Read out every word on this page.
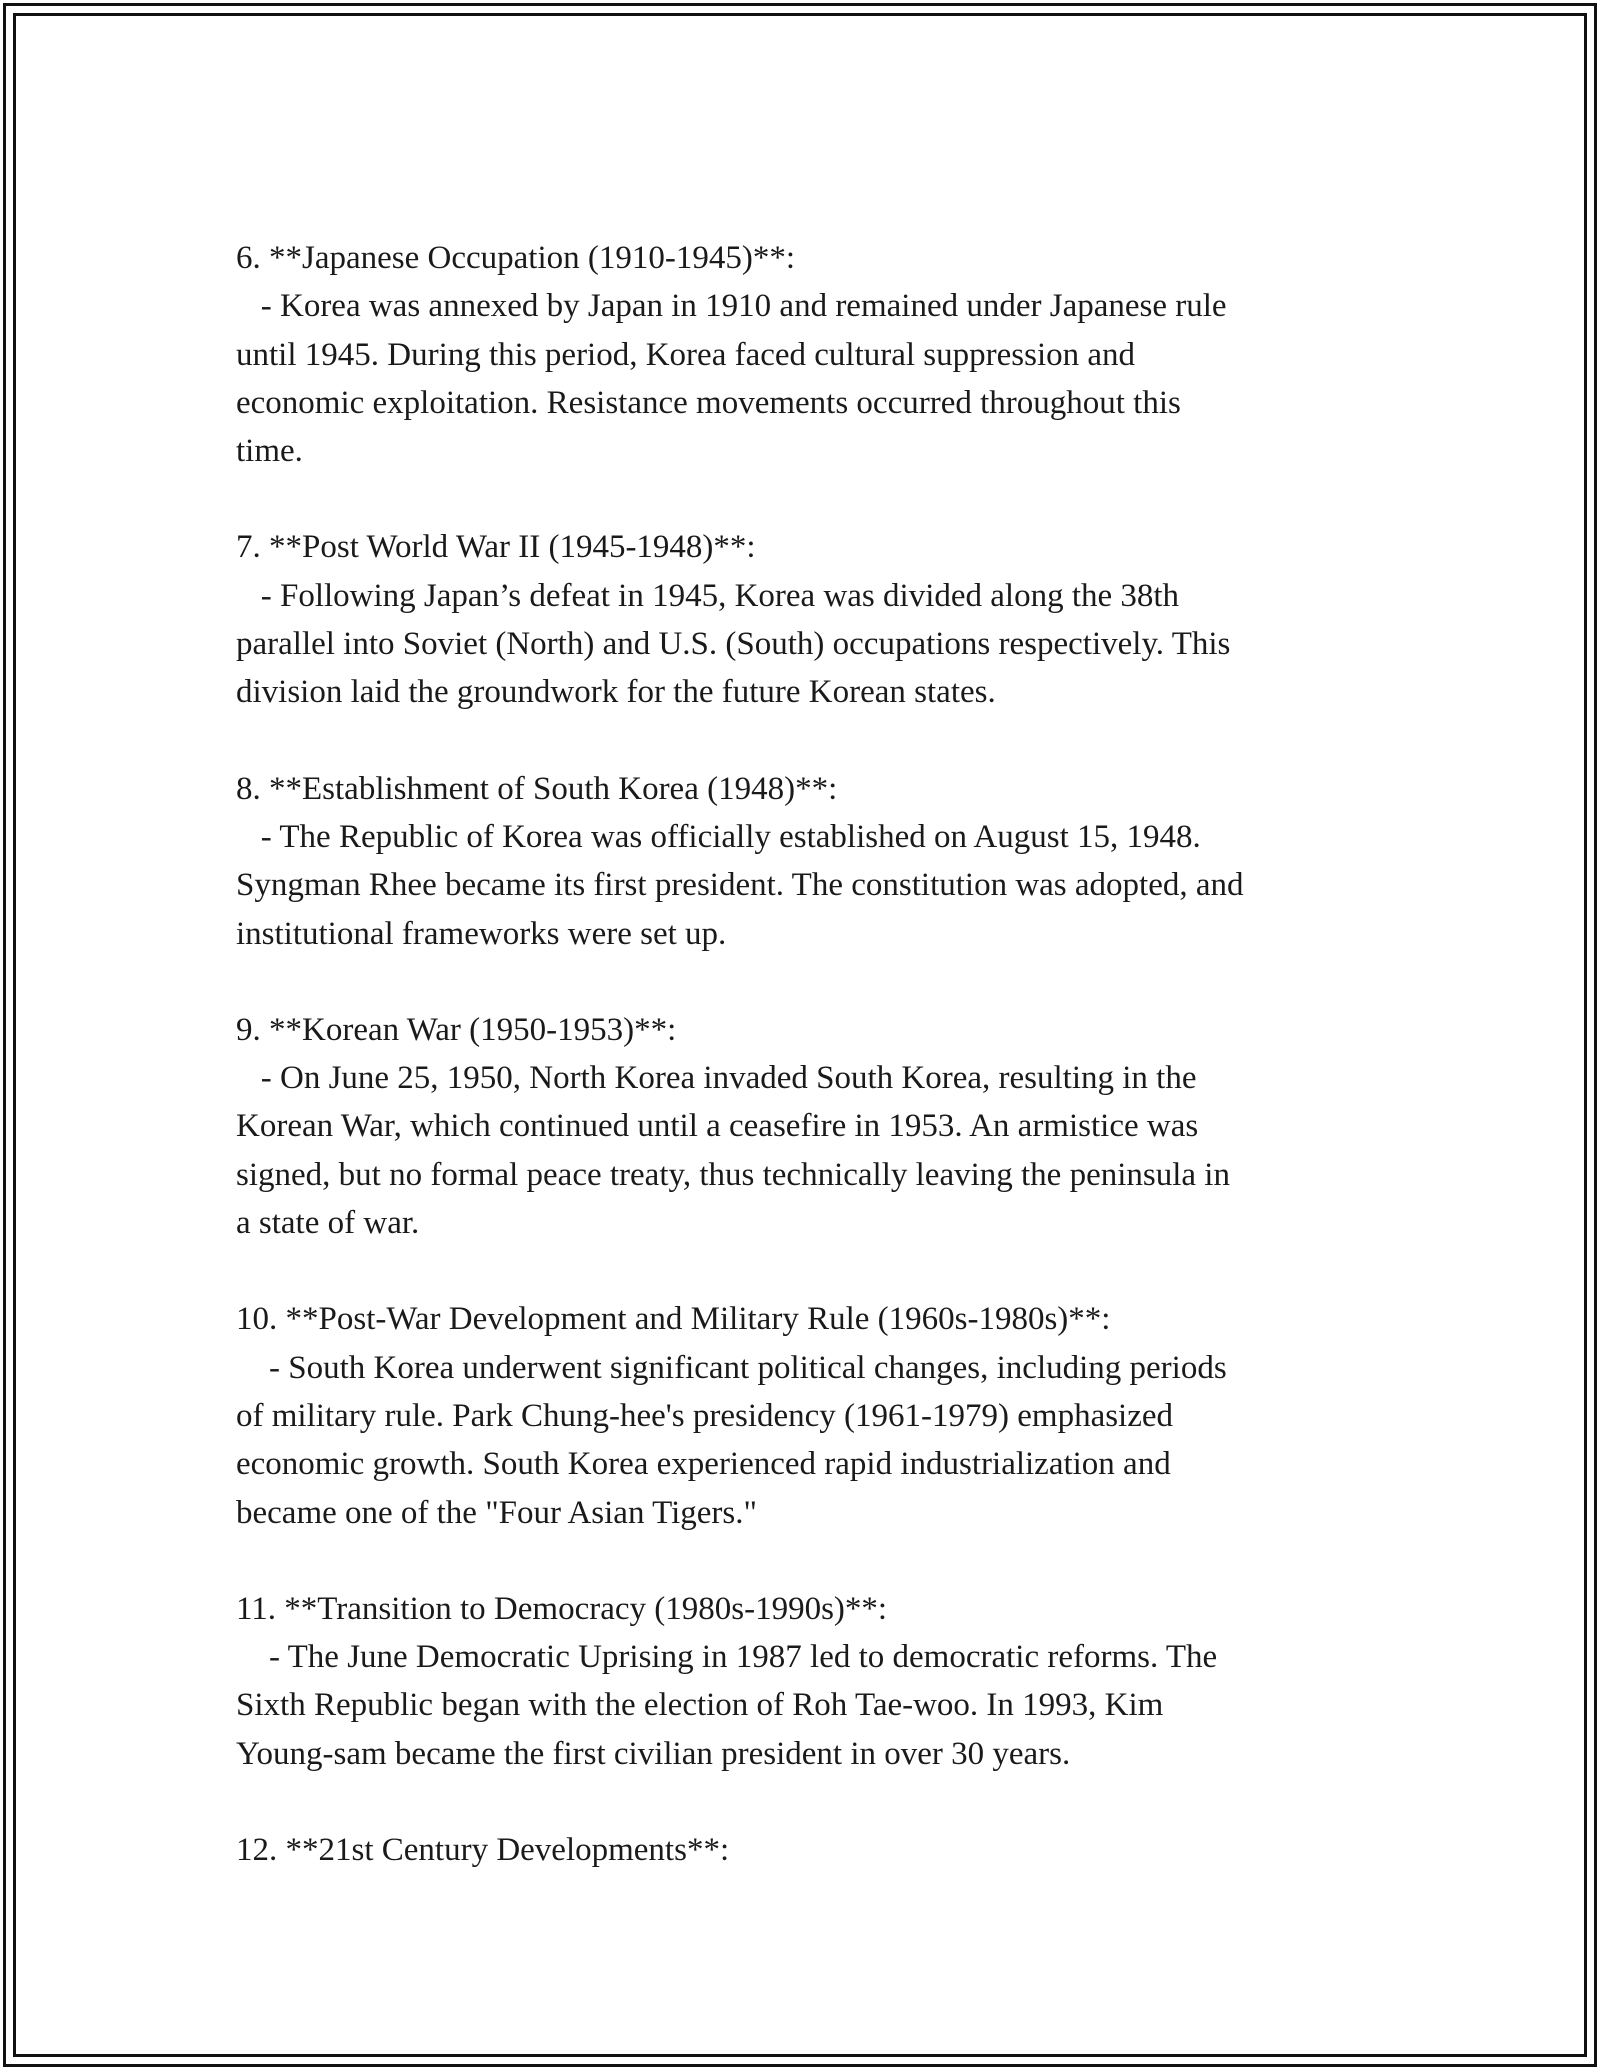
6. **Japanese Occupation (1910-1945)**:

- Korea was annexed by Japan in 1910 and remained under Japanese rule

until 1945. During this period, Korea faced cultural suppression and

economic exploitation. Resistance movements occurred throughout this

time.

7. **Post World War II (1945-1948)**:

- Following Japan’s defeat in 1945, Korea was divided along the 38th

parallel into Soviet (North) and U.S. (South) occupations respectively. This

division laid the groundwork for the future Korean states.

8. **Establishment of South Korea (1948)**:

- The Republic of Korea was officially established on August 15, 1948.

Syngman Rhee became its first president. The constitution was adopted, and

institutional frameworks were set up.

9. **Korean War (1950-1953)**:

- On June 25, 1950, North Korea invaded South Korea, resulting in the

Korean War, which continued until a ceasefire in 1953. An armistice was

signed, but no formal peace treaty, thus technically leaving the peninsula in

a state of war.

10. **Post-War Development and Military Rule (1960s-1980s)**:

- South Korea underwent significant political changes, including periods

of military rule. Park Chung-hee's presidency (1961-1979) emphasized

economic growth. South Korea experienced rapid industrialization and

became one of the "Four Asian Tigers."

11. **Transition to Democracy (1980s-1990s)**:

- The June Democratic Uprising in 1987 led to democratic reforms. The

Sixth Republic began with the election of Roh Tae-woo. In 1993, Kim

Young-sam became the first civilian president in over 30 years.

12. **21st Century Developments**:
